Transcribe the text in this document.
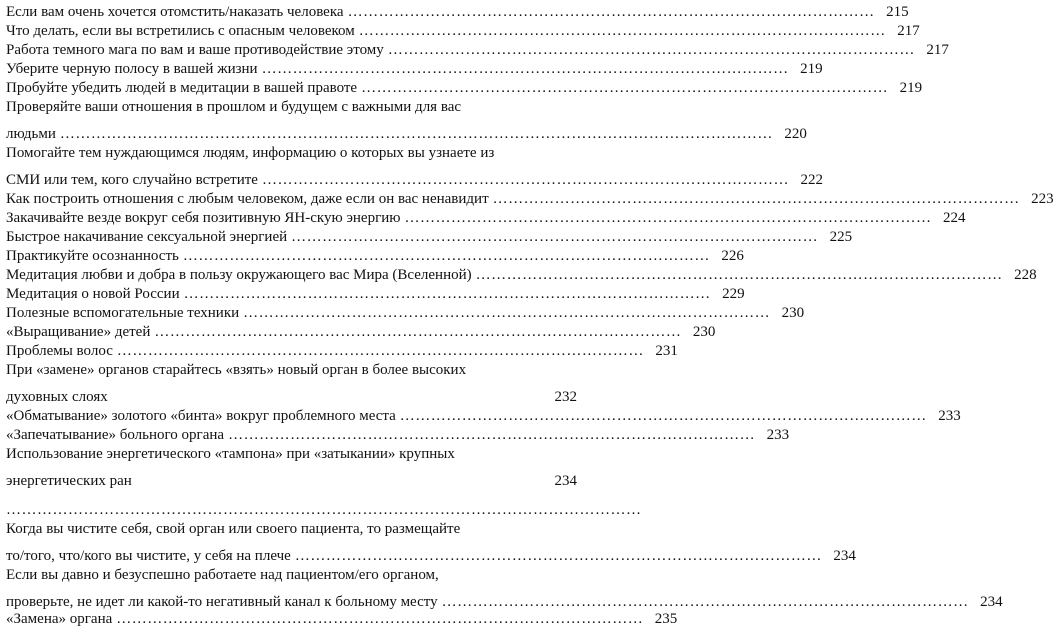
Если вам очень хочется отомстить/наказать человека ………………………………………………………………………………………… 215
Что делать, если вы встретились с опасным человеком ………………………………………………………………………………………… 217
Работа темного мага по вам и ваше противодействие этому ………………………………………………………………………………………… 217
Уберите черную полосу в вашей жизни ………………………………………………………………………………………… 219
Пробуйте убедить людей в медитации в вашей правоте ………………………………………………………………………………………… 219
Проверяйте ваши отношения в прошлом и будущем с важными для вас
людьми ………………………………………………………………………………………………………………………… 220
Помогайте тем нуждающимся людям, информацию о которых вы узнаете из
СМИ или тем, кого случайно встретите ………………………………………………………………………………………… 222
Как построить отношения с любым человеком, даже если он вас ненавидит ………………………………………………………………………………………… 223
Закачивайте везде вокруг себя позитивную ЯН-скую энергию ………………………………………………………………………………………… 224
Быстрое накачивание сексуальной энергией ………………………………………………………………………………………… 225
Практикуйте осознанность ………………………………………………………………………………………… 226
Медитация любви и добра в пользу окружающего вас Мира (Вселенной) ………………………………………………………………………………………… 228
Медитация о новой России ………………………………………………………………………………………… 229
Полезные вспомогательные техники ………………………………………………………………………………………… 230
«Выращивание» детей ………………………………………………………………………………………… 230
Проблемы волос ………………………………………………………………………………………… 231
При «замене» органов старайтесь «взять» новый орган в более высоких
духовных слоях	232
«Обматывание» золотого «бинта» вокруг проблемного места ………………………………………………………………………………………… 233
«Запечатывание» больного органа ………………………………………………………………………………………… 233
Использование энергетического «тампона» при «затыкании» крупных
энергетических ран	234
……………………………………………………………………………………………………………
Когда вы чистите себя, свой орган или своего пациента, то размещайте
то/того, что/кого вы чистите, у себя на плече ………………………………………………………………………………………… 234
Если вы давно и безуспешно работаете над пациентом/его органом,
проверьте, не идет ли какой-то негативный канал к больному месту ………………………………………………………………………………………… 234
«Замена» органа ………………………………………………………………………………………… 235
